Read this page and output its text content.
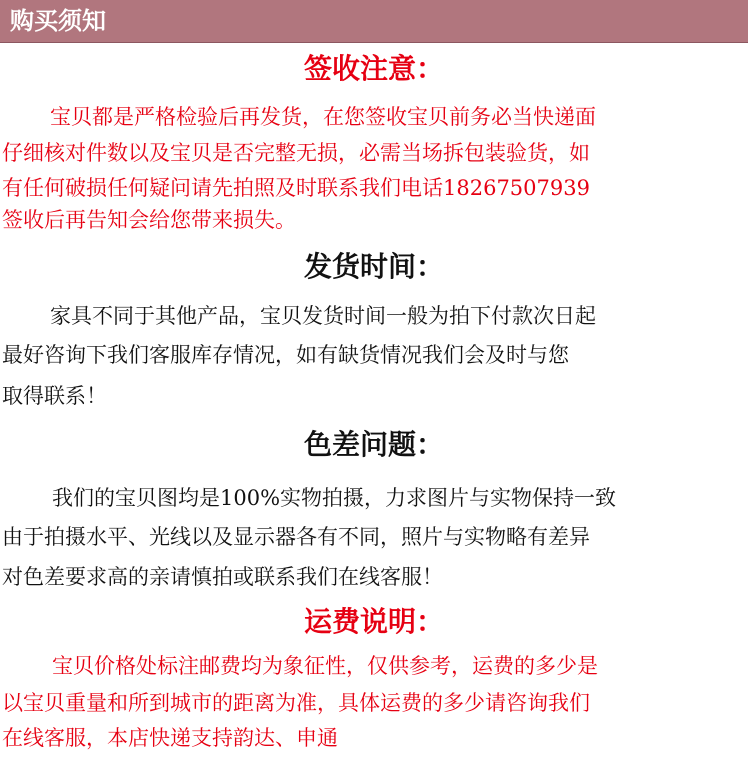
购买须知
签收注意：
宝贝都是严格检验后再发货，在您签收宝贝前务必当快递面
仔细核对件数以及宝贝是否完整无损，必需当场拆包装验货，如
有任何破损任何疑问请先拍照及时联系我们电话18267507939
签收后再告知会给您带来损失。
发货时间：
家具不同于其他产品，宝贝发货时间一般为拍下付款次日起
最好咨询下我们客服库存情况，如有缺货情况我们会及时与您
取得联系！
色差问题：
我们的宝贝图均是100%实物拍摄，力求图片与实物保持一致
由于拍摄水平、光线以及显示器各有不同，照片与实物略有差异
对色差要求高的亲请慎拍或联系我们在线客服！
运费说明：
宝贝价格处标注邮费均为象征性，仅供参考，运费的多少是
以宝贝重量和所到城市的距离为准，具体运费的多少请咨询我们
在线客服，本店快递支持韵达、申通
